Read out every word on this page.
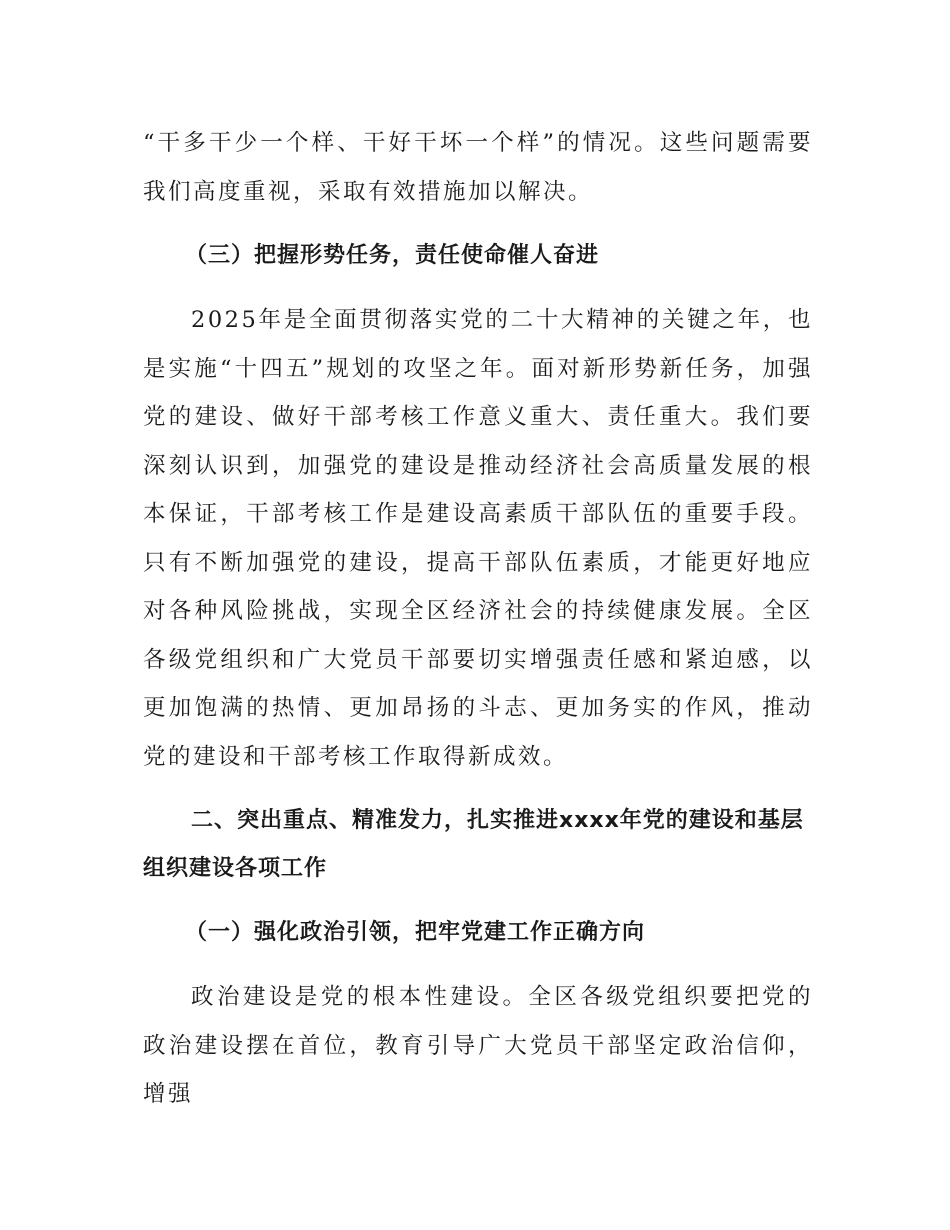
“干多干少一个样、干好干坏一个样”的情况。这些问题需要我们高度重视，采取有效措施加以解决。

（三）把握形势任务，责任使命催人奋进

2025年是全面贯彻落实党的二十大精神的关键之年，也是实施“十四五”规划的攻坚之年。面对新形势新任务，加强党的建设、做好干部考核工作意义重大、责任重大。我们要深刻认识到，加强党的建设是推动经济社会高质量发展的根本保证，干部考核工作是建设高素质干部队伍的重要手段。只有不断加强党的建设，提高干部队伍素质，才能更好地应对各种风险挑战，实现全区经济社会的持续健康发展。全区各级党组织和广大党员干部要切实增强责任感和紧迫感，以更加饱满的热情、更加昂扬的斗志、更加务实的作风，推动党的建设和干部考核工作取得新成效。

二、突出重点、精准发力，扎实推进xxxx年党的建设和基层组织建设各项工作

（一）强化政治引领，把牢党建工作正确方向

政治建设是党的根本性建设。全区各级党组织要把党的政治建设摆在首位，教育引导广大党员干部坚定政治信仰，增强
